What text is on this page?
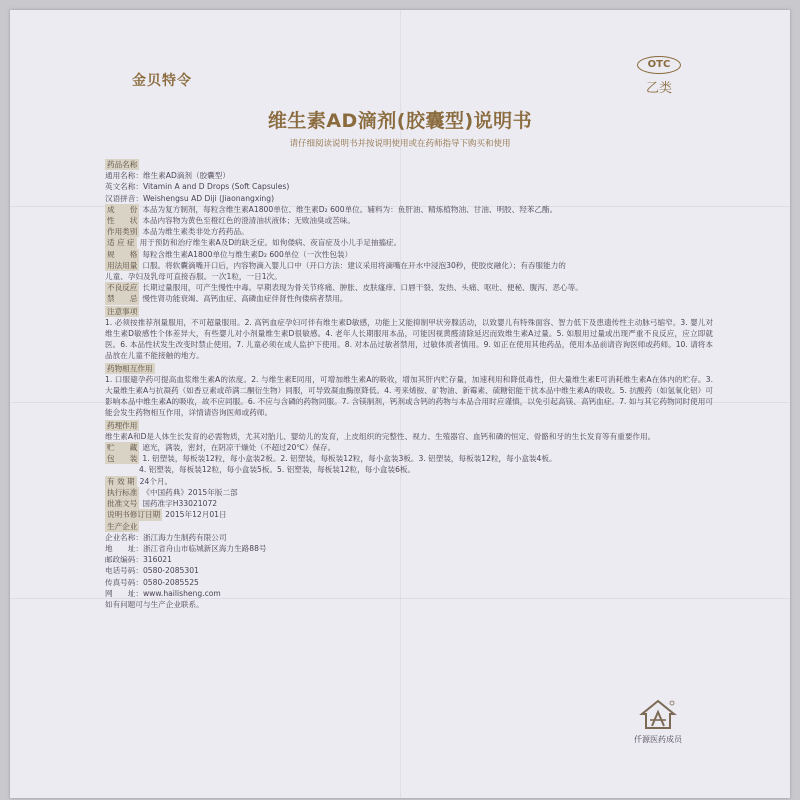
金贝特令
OTC
乙类
维生素AD滴剂(胶囊型)说明书
请仔细阅读说明书并按说明使用或在药师指导下购买和使用

药品名称

通用名称：维生素AD滴剂（胶囊型）

英文名称：Vitamin A and D Drops (Soft Capsules)

汉语拼音：Weishengsu AD Diji (Jiaonangxing)

成　　份 本品为复方制剂，每粒含维生素A1800单位、维生素D₂ 600单位。辅料为：鱼肝油、精炼植物油、甘油、明胶、羟苯乙酯。

性　　状 本品内容物为黄色至橙红色的澄清油状液体；无败油臭或苦味。

作用类别 本品为维生素类非处方药药品。

适 应 症 用于预防和治疗维生素A及D的缺乏症。如佝偻病、夜盲症及小儿手足抽搐症。

规　　格 每粒含维生素A1800单位与维生素D₂ 600单位（一次性包装）

用法用量 口服。将软囊滴嘴开口后，内容物滴入婴儿口中（开口方法：建议采用将滴嘴在开水中浸泡30秒，使胶皮融化）；有吞服能力的

儿童、孕妇及乳母可直接吞服。一次1粒，一日1次。

不良反应 长期过量服用，可产生慢性中毒。早期表现为骨关节疼痛、肿胀、皮肤瘙痒、口唇干裂、发热、头痛、呕吐、便秘、腹泻、恶心等。

禁　　忌 慢性肾功能衰竭、高钙血症、高磷血症伴肾性佝偻病者禁用。

注意事项

1. 必须按推荐剂量服用，不可超量服用。2. 高钙血症孕妇可伴有维生素D敏感，功能上又能抑制甲状旁腺活动，以致婴儿有特殊面容、智力低下及患遗传性主动脉弓缩窄。3. 婴儿对维生素D敏感性个体差异大，有些婴儿对小剂量维生素D很敏感。4. 老年人长期服用本品，可能因视黄醛清除延迟而致维生素A过量。5. 如服用过量或出现严重不良反应，应立即就医。6. 本品性状发生改变时禁止使用。7. 儿童必须在成人监护下使用。8. 对本品过敏者禁用，过敏体质者慎用。9. 如正在使用其他药品，使用本品前请咨询医师或药师。10. 请将本品放在儿童不能接触的地方。

药物相互作用

1. 口服避孕药可提高血浆维生素A的浓度。2. 与维生素E同用，可增加维生素A的吸收，增加其肝内贮存量，加速利用和降低毒性，但大量维生素E可消耗维生素A在体内的贮存。3. 大量维生素A与抗凝药（如香豆素或茚满二酮衍生物）同服，可导致凝血酶原降低。4. 考来烯胺、矿物油、新霉素、硫糖铝能干扰本品中维生素A的吸收。5. 抗酸药（如氢氧化铝）可影响本品中维生素A的吸收，故不应同服。6. 不应与含磷的药物同服。7. 含镁制剂，钙剂或含钙的药物与本品合用时应谨慎，以免引起高镁、高钙血症。7. 如与其它药物同时使用可能会发生药物相互作用，详情请咨询医师或药师。

药理作用

维生素A和D是人体生长发育的必需物质，尤其对胎儿、婴幼儿的发育，上皮组织的完整性、视力、生殖器官、血钙和磷的恒定、骨骼和牙的生长发育等有重要作用。

贮　　藏 遮光，满装，密封，在阴凉干燥处（不超过20℃）保存。

包　　装 1. 铝塑装，每板装12粒，每小盒装2板。2. 铝塑装，每板装12粒，每小盒装3板。3. 铝塑装，每板装12粒，每小盒装4板。

4. 铝塑装，每板装12粒，每小盒装5板。5. 铝塑装，每板装12粒，每小盒装6板。

有 效 期 24个月。

执行标准 《中国药典》2015年版二部

批准文号 国药准字H33021072

说明书修订日期 2015年12月01日

生产企业

企业名称：浙江海力生制药有限公司

地　　址：浙江省舟山市临城新区海力生路88号

邮政编码：316021

电话号码：0580-2085301

传真号码：0580-2085525

网　　址：www.hailisheng.com

如有问题可与生产企业联系。

仟源医药成员
